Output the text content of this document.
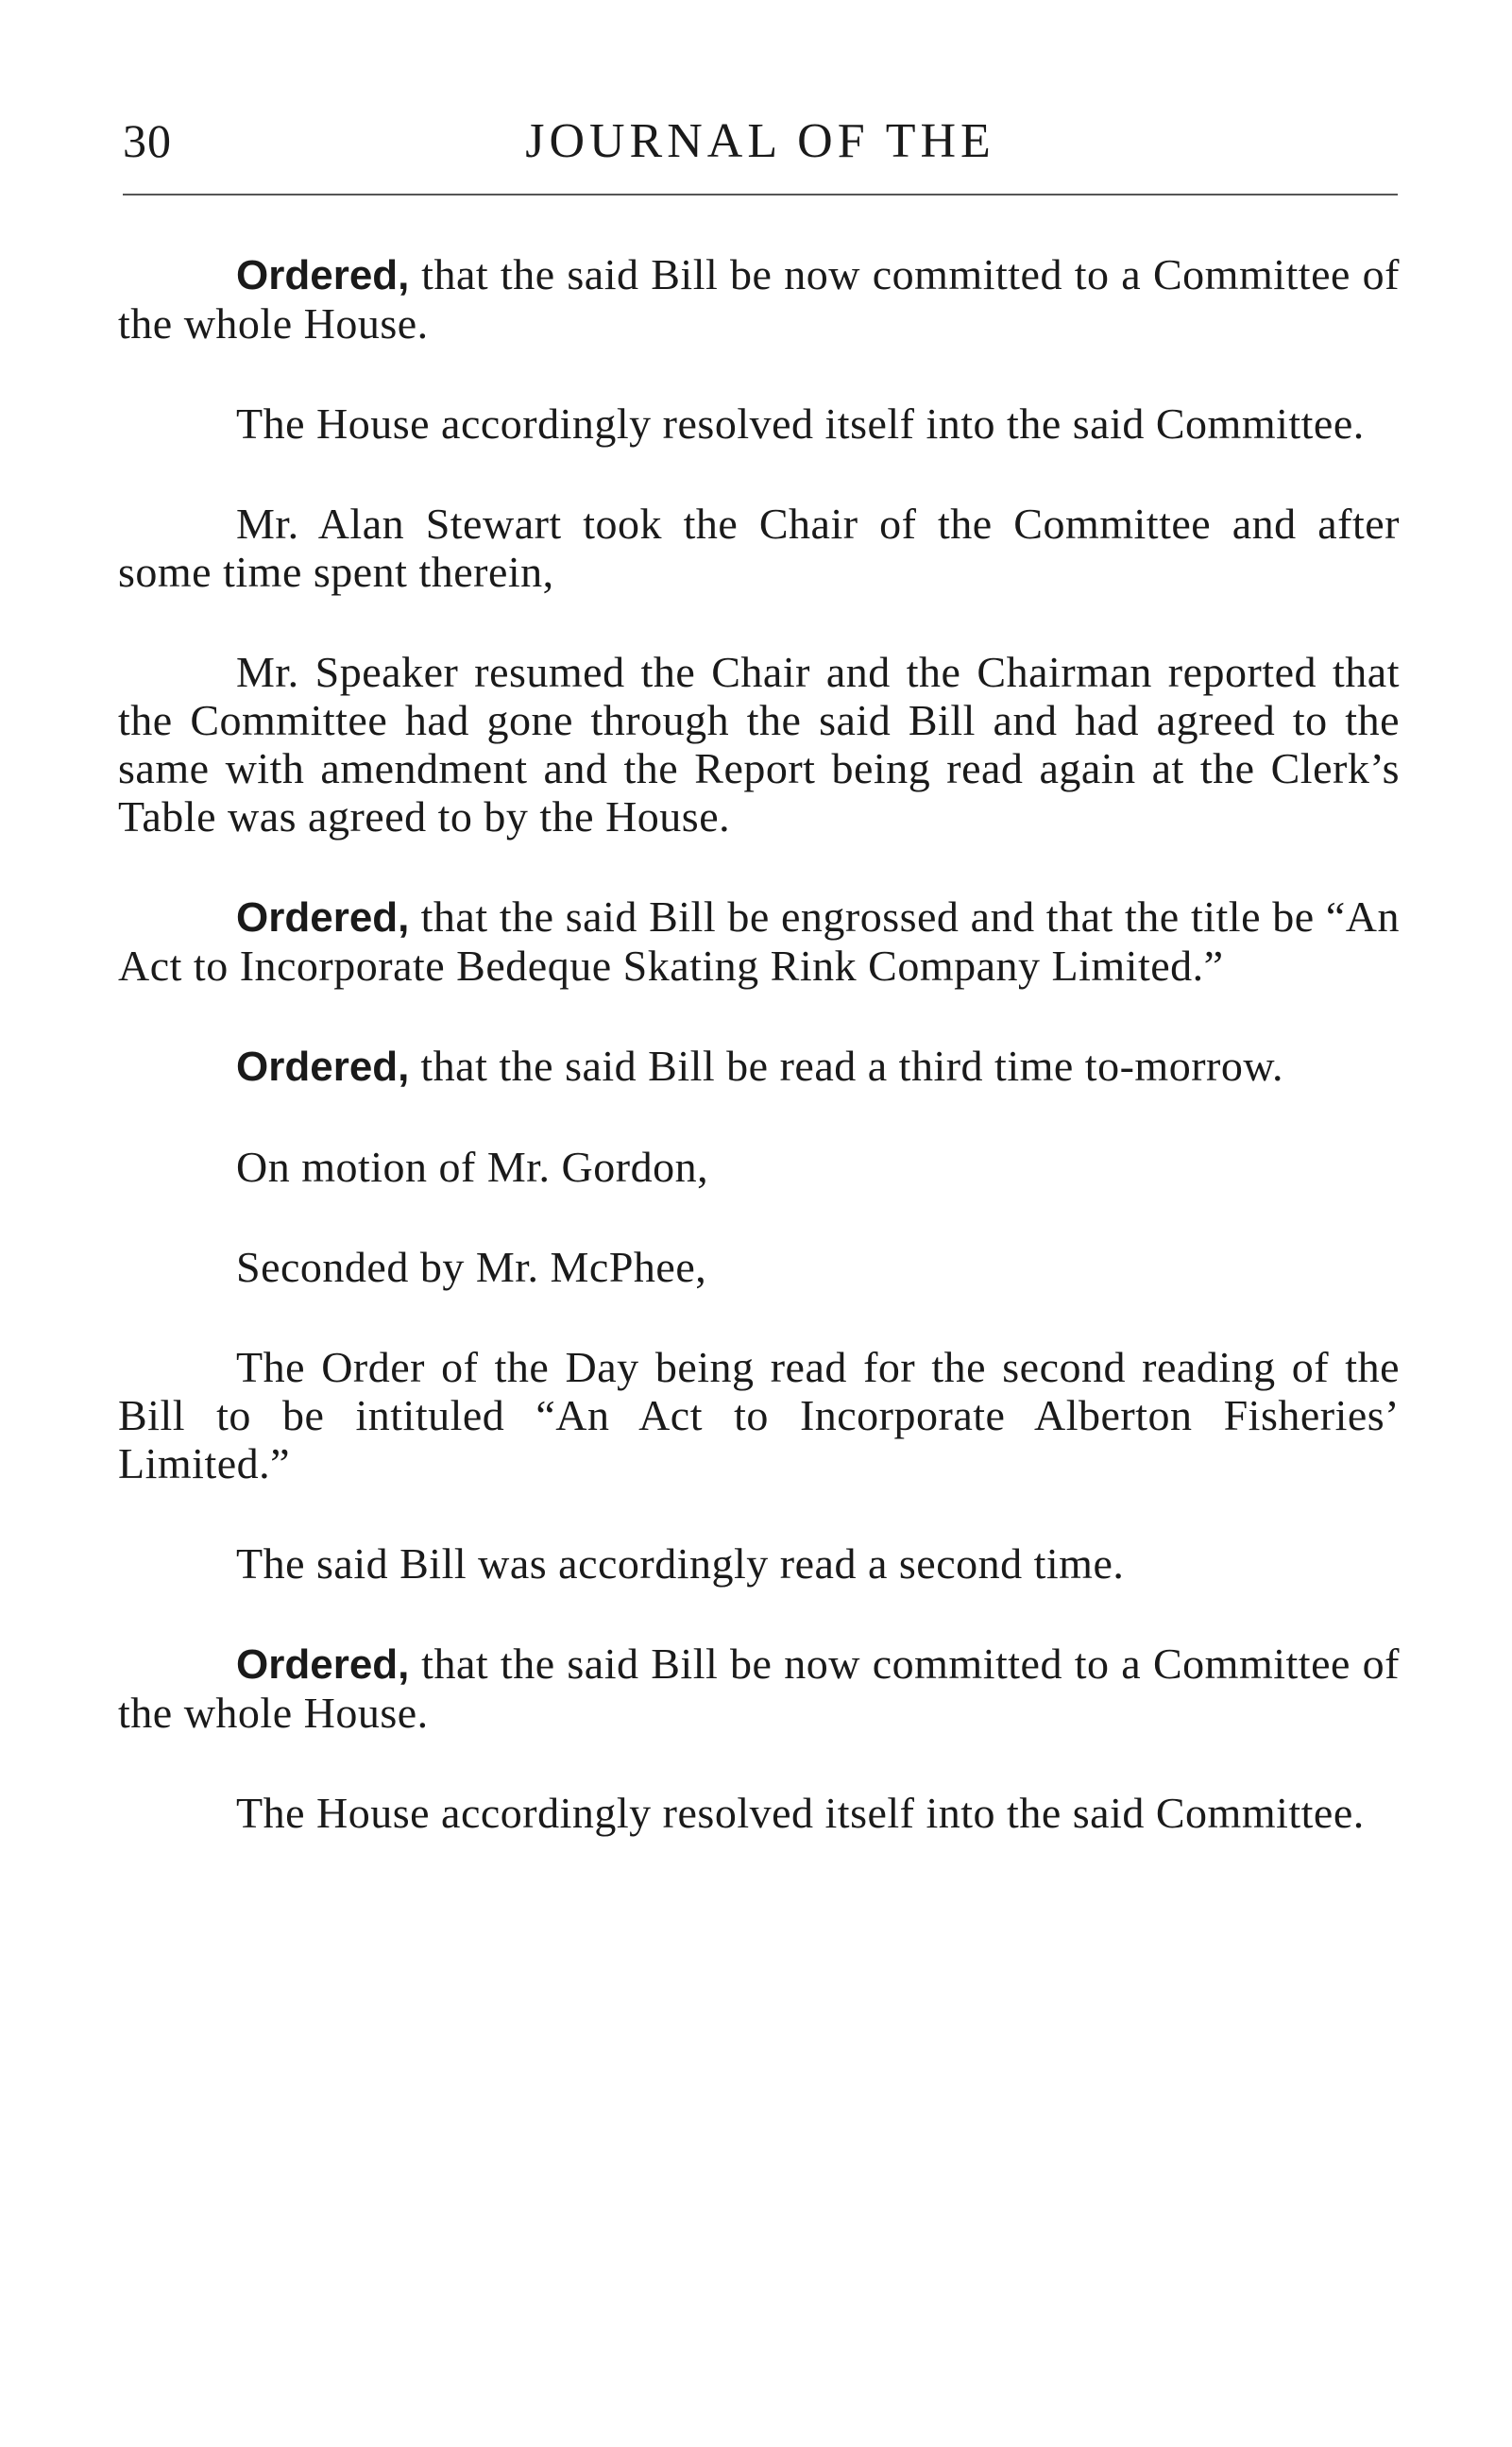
30	JOURNAL OF THE

Ordered, that the said Bill be now committed to a Committee of the whole House.

The House accordingly resolved itself into the said Committee.

Mr. Alan Stewart took the Chair of the Committee and after some time spent therein,

Mr. Speaker resumed the Chair and the Chairman reported that the Committee had gone through the said Bill and had agreed to the same with amendment and the Report being read again at the Clerk’s Table was agreed to by the House.

Ordered, that the said Bill be engrossed and that the title be “An Act to Incorporate Bedeque Skating Rink Company Limited.”

Ordered, that the said Bill be read a third time to-morrow.

On motion of Mr. Gordon,

Seconded by Mr. McPhee,

The Order of the Day being read for the second reading of the Bill to be intituled “An Act to Incorporate Alberton Fisheries’ Limited.”

The said Bill was accordingly read a second time.

Ordered, that the said Bill be now committed to a Committee of the whole House.

The House accordingly resolved itself into the said Committee.
